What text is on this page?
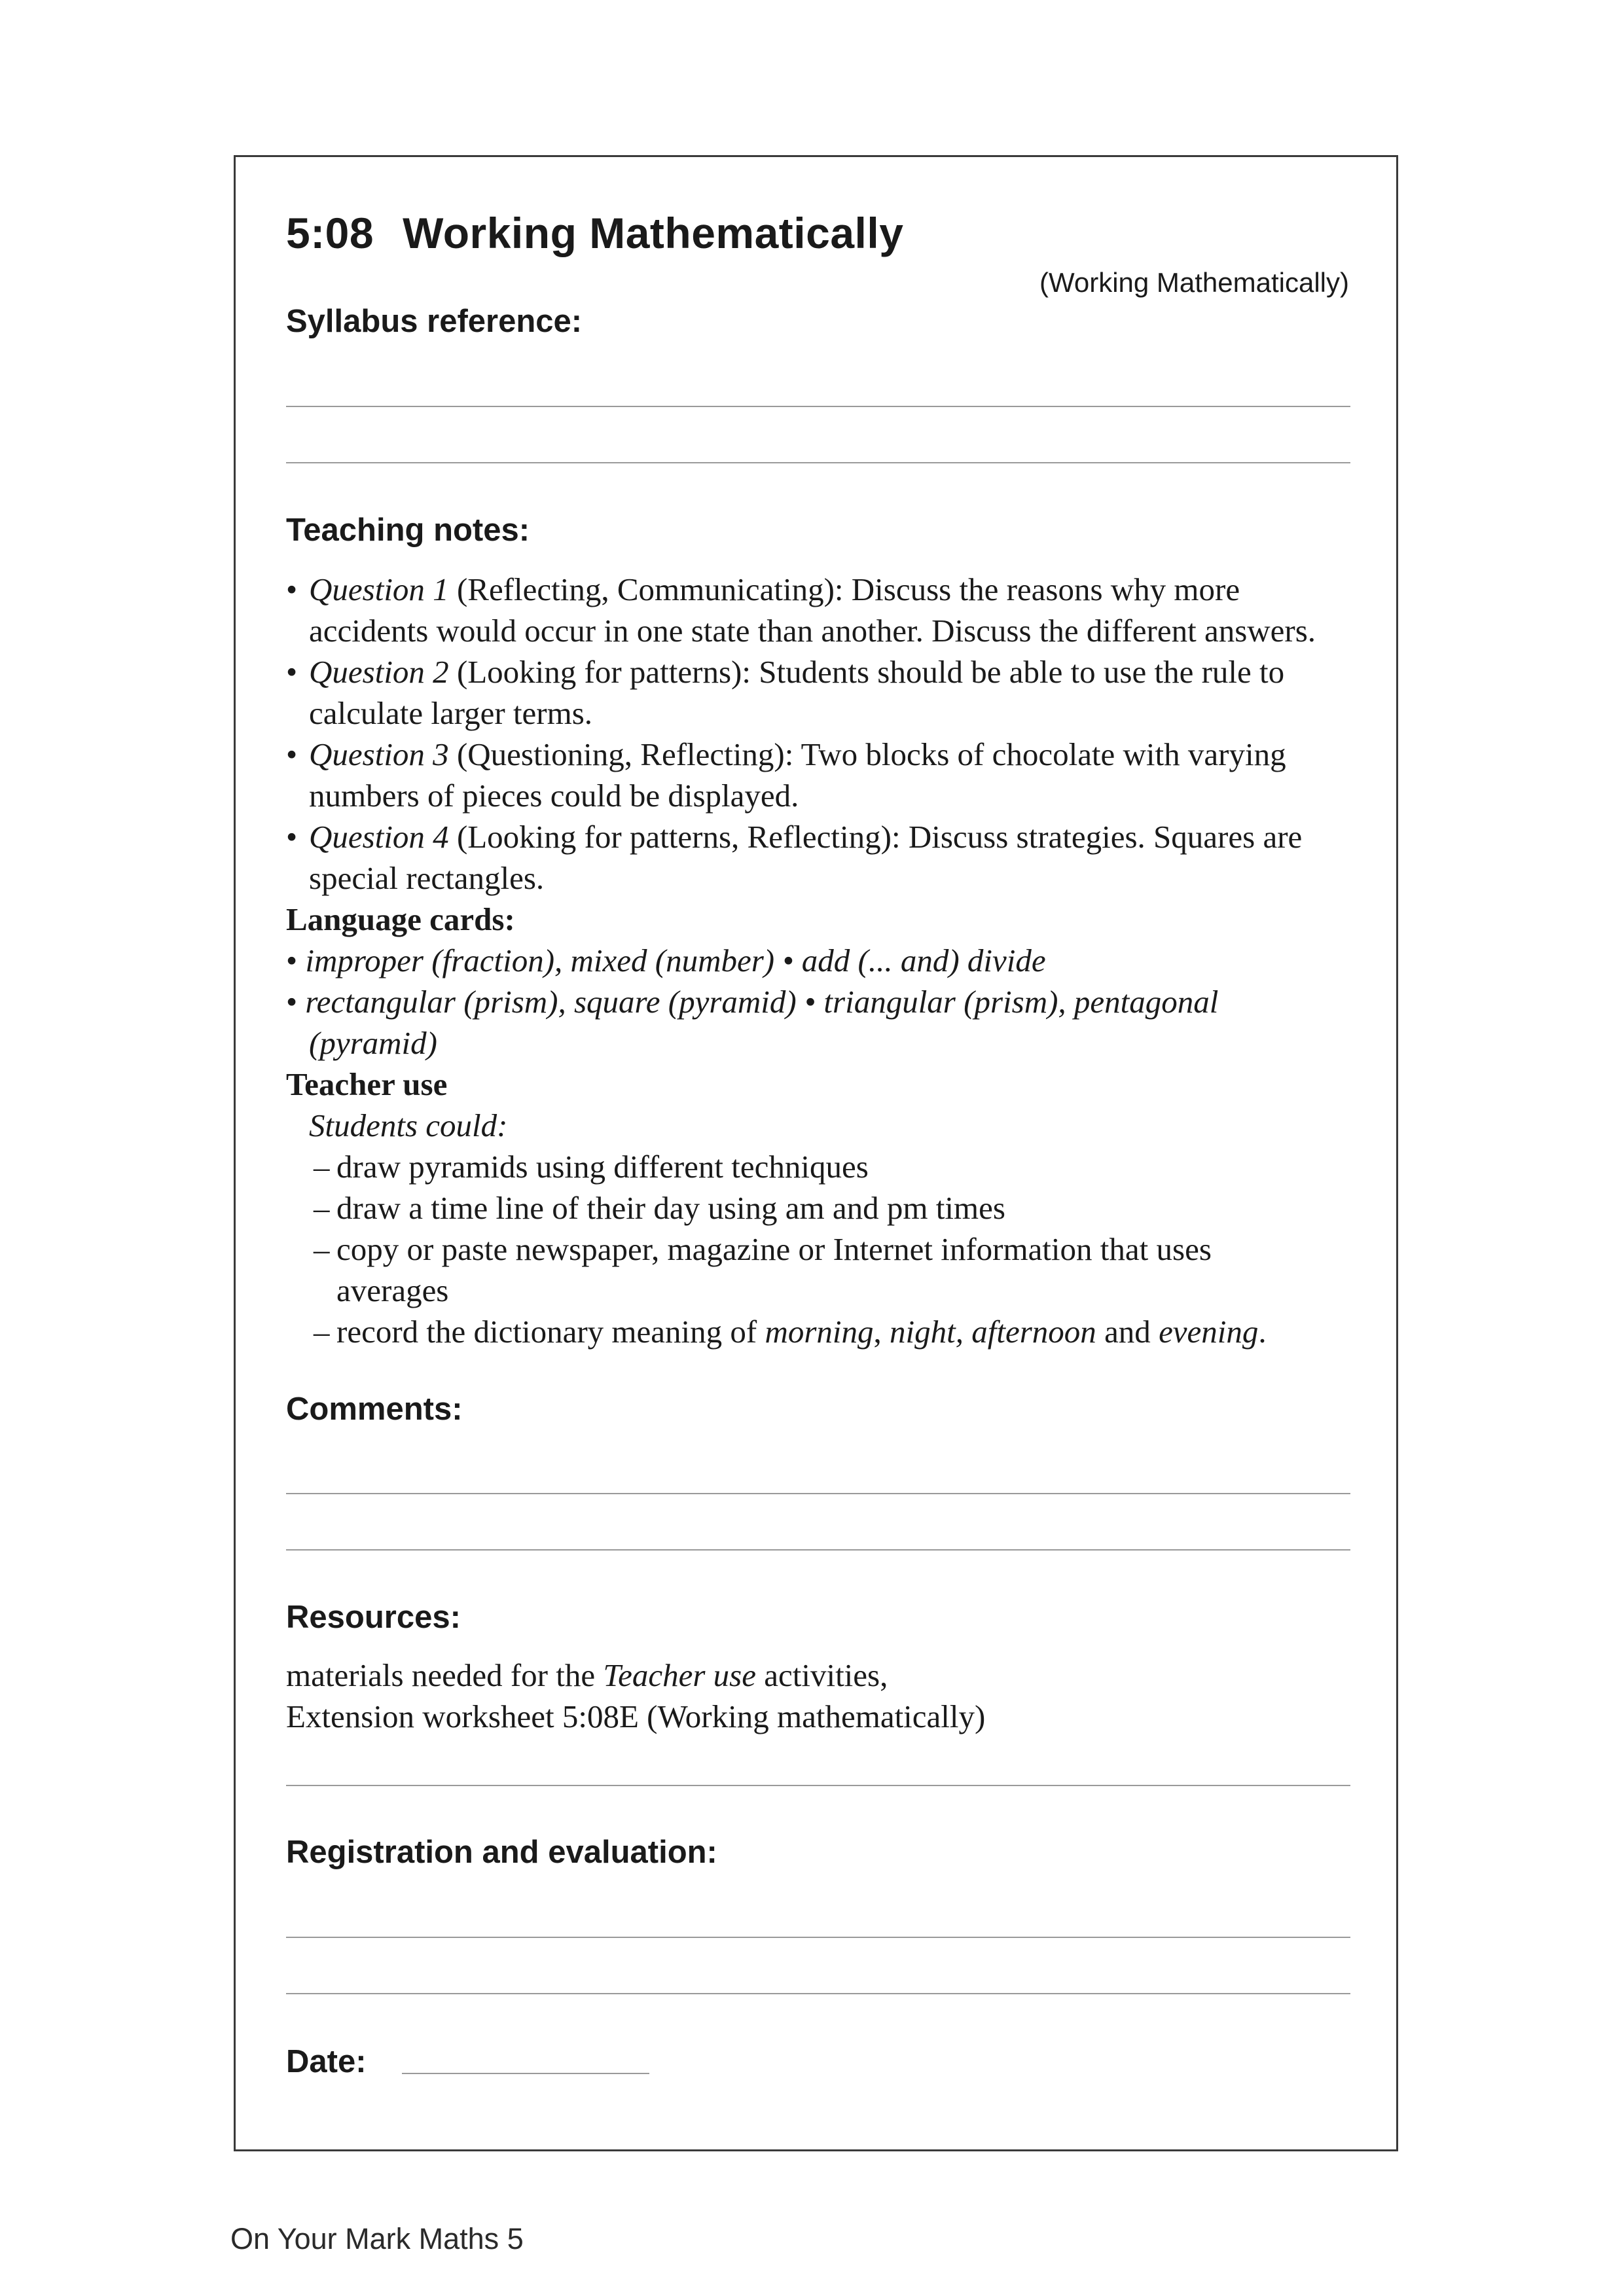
5:08 Working Mathematically
(Working Mathematically)
Syllabus reference:
Teaching notes:

• Question 1 (Reflecting, Communicating): Discuss the reasons why more

accidents would occur in one state than another. Discuss the different answers.

• Question 2 (Looking for patterns): Students should be able to use the rule to

calculate larger terms.

• Question 3 (Questioning, Reflecting): Two blocks of chocolate with varying

numbers of pieces could be displayed.

• Question 4 (Looking for patterns, Reflecting): Discuss strategies. Squares are

special rectangles.

Language cards:

• improper (fraction), mixed (number) • add (... and) divide

• rectangular (prism), square (pyramid) • triangular (prism), pentagonal

(pyramid)

Teacher use

Students could:

– draw pyramids using different techniques

– draw a time line of their day using am and pm times

– copy or paste newspaper, magazine or Internet information that uses

averages

– record the dictionary meaning of morning, night, afternoon and evening.

Comments:
Resources:

materials needed for the Teacher use activities,

Extension worksheet 5:08E (Working mathematically)

Registration and evaluation:
Date:
On Your Mark Maths 5
